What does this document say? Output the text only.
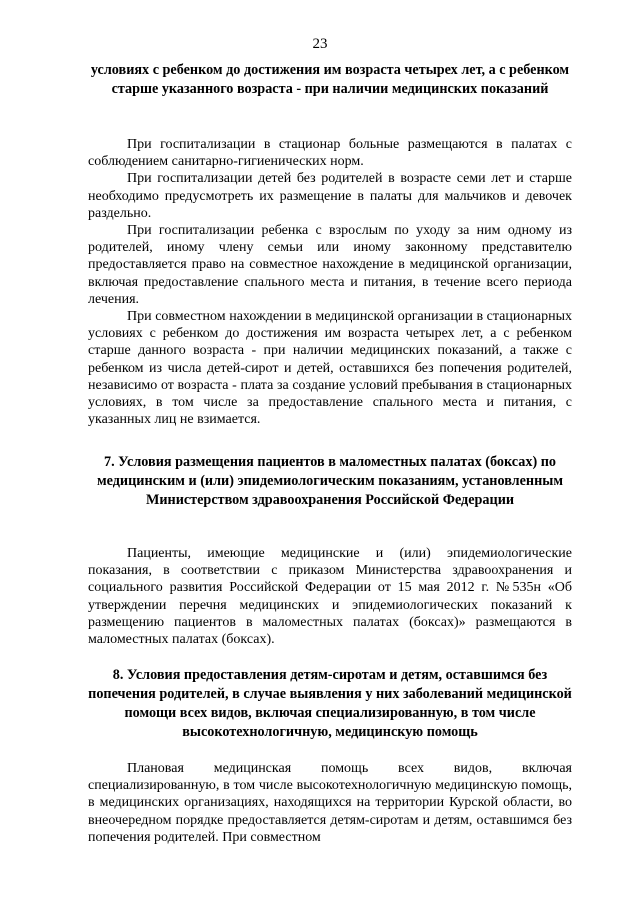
23

условиях с ребенком до достижения им возраста четырех лет, а с ребенком старше указанного возраста - при наличии медицинских показаний

При госпитализации в стационар больные размещаются в палатах с соблюдением санитарно-гигиенических норм.

При госпитализации детей без родителей в возрасте семи лет и старше необходимо предусмотреть их размещение в палаты для мальчиков и девочек раздельно.

При госпитализации ребенка с взрослым по уходу за ним одному из родителей, иному члену семьи или иному законному представителю предоставляется право на совместное нахождение в медицинской организации, включая предоставление спального места и питания, в течение всего периода лечения.

При совместном нахождении в медицинской организации в стационарных условиях с ребенком до достижения им возраста четырех лет, а с ребенком старше данного возраста - при наличии медицинских показаний, а также с ребенком из числа детей-сирот и детей, оставшихся без попечения родителей, независимо от возраста - плата за создание условий пребывания в стационарных условиях, в том числе за предоставление спального места и питания, с указанных лиц не взимается.

7. Условия размещения пациентов в маломестных палатах (боксах) по медицинским и (или) эпидемиологическим показаниям, установленным Министерством здравоохранения Российской Федерации

Пациенты, имеющие медицинские и (или) эпидемиологические показания, в соответствии с приказом Министерства здравоохранения и социального развития Российской Федерации от 15 мая 2012 г. №535н «Об утверждении перечня медицинских и эпидемиологических показаний к размещению пациентов в маломестных палатах (боксах)» размещаются в маломестных палатах (боксах).

8. Условия предоставления детям-сиротам и детям, оставшимся без попечения родителей, в случае выявления у них заболеваний медицинской помощи всех видов, включая специализированную, в том числе высокотехнологичную, медицинскую помощь

Плановая медицинская помощь всех видов, включая специализированную, в том числе высокотехнологичную медицинскую помощь, в медицинских организациях, находящихся на территории Курской области, во внеочередном порядке предоставляется детям-сиротам и детям, оставшимся без попечения родителей. При совместном
